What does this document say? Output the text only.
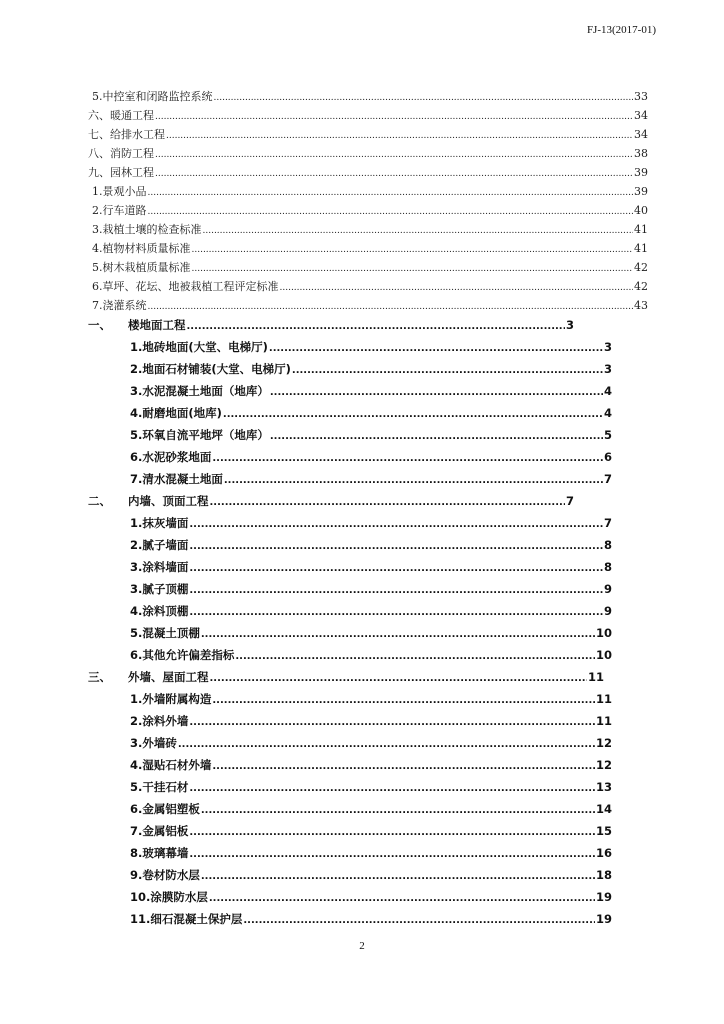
FJ-13(2017-01)
5.中控室和闭路监控系统 .....	33
六、 暖通工程 .....	34
七、 给排水工程 .....	34
八、 消防工程 .....	38
九、 园林工程 .....	39
1.景观小品 .....	39
2.行车道路 .....	40
3.栽植土壤的检查标准 .....	41
4.植物材料质量标准 .....	41
5.树木栽植质量标准 .....	42
6.草坪、花坛、地被栽植工程评定标准 .....	42
7.浇灌系统 .....	43
一、	楼地面工程 .....	3
1.地砖地面(大堂、电梯厅) .....	3
2.地面石材铺装(大堂、电梯厅) .....	3
3.水泥混凝土地面（地库） .....	4
4.耐磨地面(地库) .....	4
5.环氧自流平地坪（地库） .....	5
6.水泥砂浆地面 .....	6
7.清水混凝土地面 .....	7
二、	内墙、顶面工程 .....	7
1.抹灰墙面 .....	7
2.腻子墙面 .....	8
3.涂料墙面 .....	8
3.腻子顶棚 .....	9
4.涂料顶棚 .....	9
5.混凝土顶棚 .....	10
6.其他允许偏差指标 .....	10
三、	外墙、屋面工程 .....	11
1.外墙附属构造 .....	11
2.涂料外墙 .....	11
3.外墙砖 .....	12
4.湿贴石材外墙 .....	12
5.干挂石材 .....	13
6.金属铝塑板 .....	14
7.金属铝板 .....	15
8.玻璃幕墙 .....	16
9.卷材防水层 .....	18
10.涂膜防水层 .....	19
11.细石混凝土保护层 .....	19
2
